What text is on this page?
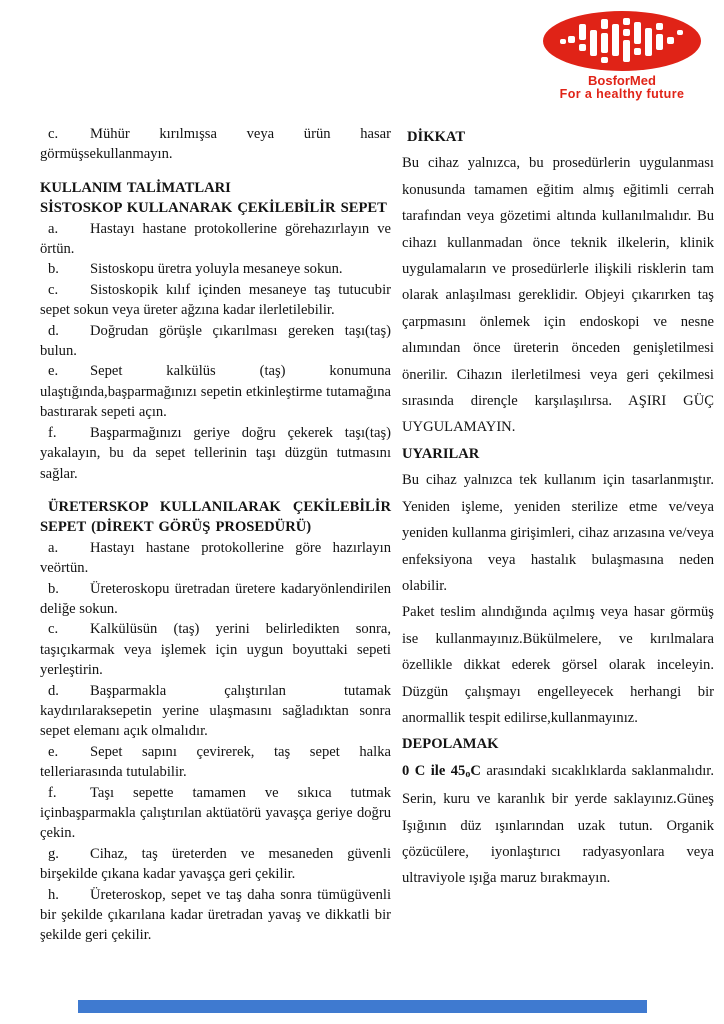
BosforMed
For a healthy future

c. Mühür kırılmışsa veya ürün hasar görmüşsekullanmayın.

KULLANIM TALİMATLARI

SİSTOSKOP KULLANARAK ÇEKİLEBİLİR SEPET

a. Hastayı hastane protokollerine görehazırlayın ve örtün.

b. Sistoskopu üretra yoluyla mesaneye sokun.

c. Sistoskopik kılıf içinden mesaneye taş tutucubir sepet sokun veya üreter ağzına kadar ilerletilebilir.

d. Doğrudan görüşle çıkarılması gereken taşı(taş) bulun.

e. Sepet kalkülüs (taş) konumuna ulaştığında,başparmağınızı sepetin etkinleştirme tutamağına bastırarak sepeti açın.

f. Başparmağınızı geriye doğru çekerek taşı(taş) yakalayın, bu da sepet tellerinin taşı düzgün tutmasını sağlar.

ÜRETERSKOP KULLANILARAK ÇEKİLEBİLİR SEPET (DİREKT GÖRÜŞ PROSEDÜRÜ)

a. Hastayı hastane protokollerine göre hazırlayın veörtün.

b. Üreteroskopu üretradan üretere kadaryönlendirilen deliğe sokun.

c. Kalkülüsün (taş) yerini belirledikten sonra, taşıçıkarmak veya işlemek için uygun boyuttaki sepeti yerleştirin.

d. Başparmakla çalıştırılan tutamak kaydırılaraksepetin yerine ulaşmasını sağladıktan sonra sepet elemanı açık olmalıdır.

e. Sepet sapını çevirerek, taş sepet halka telleriarasında tutulabilir.

f. Taşı sepette tamamen ve sıkıca tutmak içinbaşparmakla çalıştırılan aktüatörü yavaşça geriye doğru çekin.

g. Cihaz, taş üreterden ve mesaneden güvenli birşekilde çıkana kadar yavaşça geri çekilir.

h. Üreteroskop, sepet ve taş daha sonra tümügüvenli bir şekilde çıkarılana kadar üretradan yavaş ve dikkatli bir şekilde geri çekilir.

DİKKAT

Bu cihaz yalnızca, bu prosedürlerin uygulanması konusunda tamamen eğitim almış eğitimli cerrah tarafından veya gözetimi altında kullanılmalıdır. Bu cihazı kullanmadan önce teknik ilkelerin, klinik uygulamaların ve prosedürlerle ilişkili risklerin tam olarak anlaşılması gereklidir. Objeyi çıkarırken taş çarpmasını önlemek için endoskopi ve nesne alımından önce üreterin önceden genişletilmesi önerilir. Cihazın ilerletilmesi veya geri çekilmesi sırasında dirençle karşılaşılırsa. AŞIRI GÜÇ UYGULAMAYIN.

UYARILAR

Bu cihaz yalnızca tek kullanım için tasarlanmıştır. Yeniden işleme, yeniden sterilize etme ve/veya yeniden kullanma girişimleri, cihaz arızasına ve/veya enfeksiyona veya hastalık bulaşmasına neden olabilir.

Paket teslim alındığında açılmış veya hasar görmüş ise kullanmayınız.Bükülmelere, ve kırılmalara özellikle dikkat ederek görsel olarak inceleyin. Düzgün çalışmayı engelleyecek herhangi bir anormallik tespit edilirse,kullanmayınız.

DEPOLAMAK

0 C ile 45oC arasındaki sıcaklıklarda saklanmalıdır. Serin, kuru ve karanlık bir yerde saklayınız.Güneş Işığının düz ışınlarından uzak tutun. Organik çözücülere, iyonlaştırıcı radyasyonlara veya ultraviyole ışığa maruz bırakmayın.
